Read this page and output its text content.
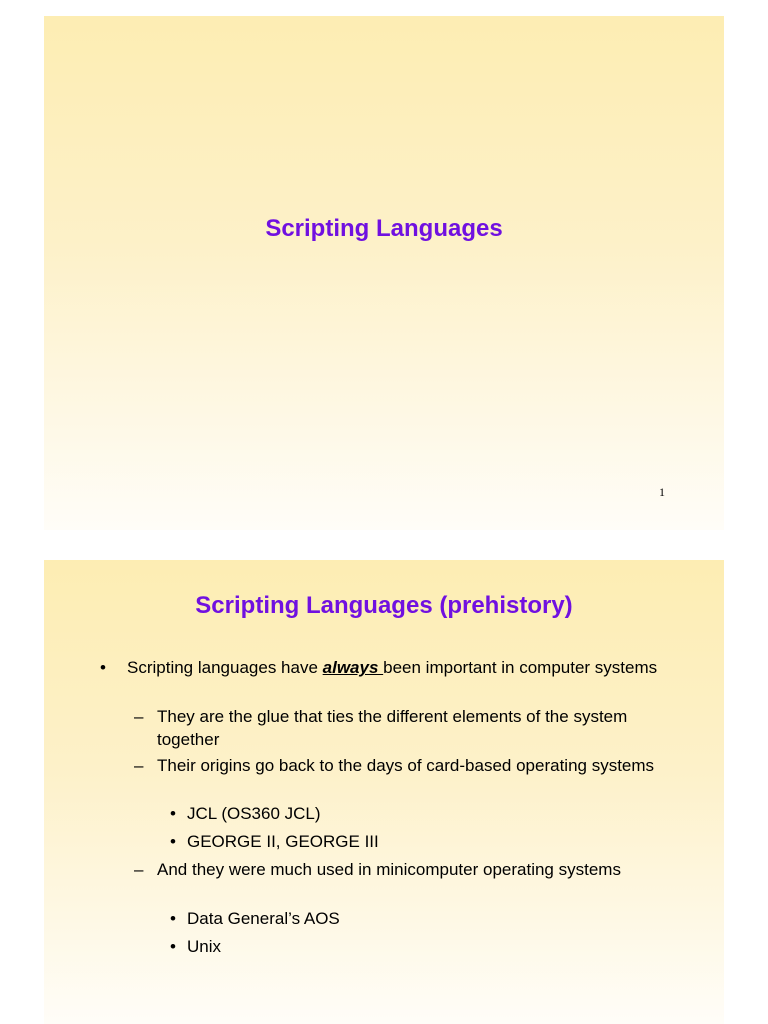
Scripting Languages
1
Scripting Languages (prehistory)
• Scripting languages have always been important in computer systems
– They are the glue that ties the different elements of the system together
– Their origins go back to the days of card-based operating systems
• JCL (OS360 JCL)
• GEORGE II, GEORGE III
– And they were much used in minicomputer operating systems
• Data General’s AOS
• Unix
